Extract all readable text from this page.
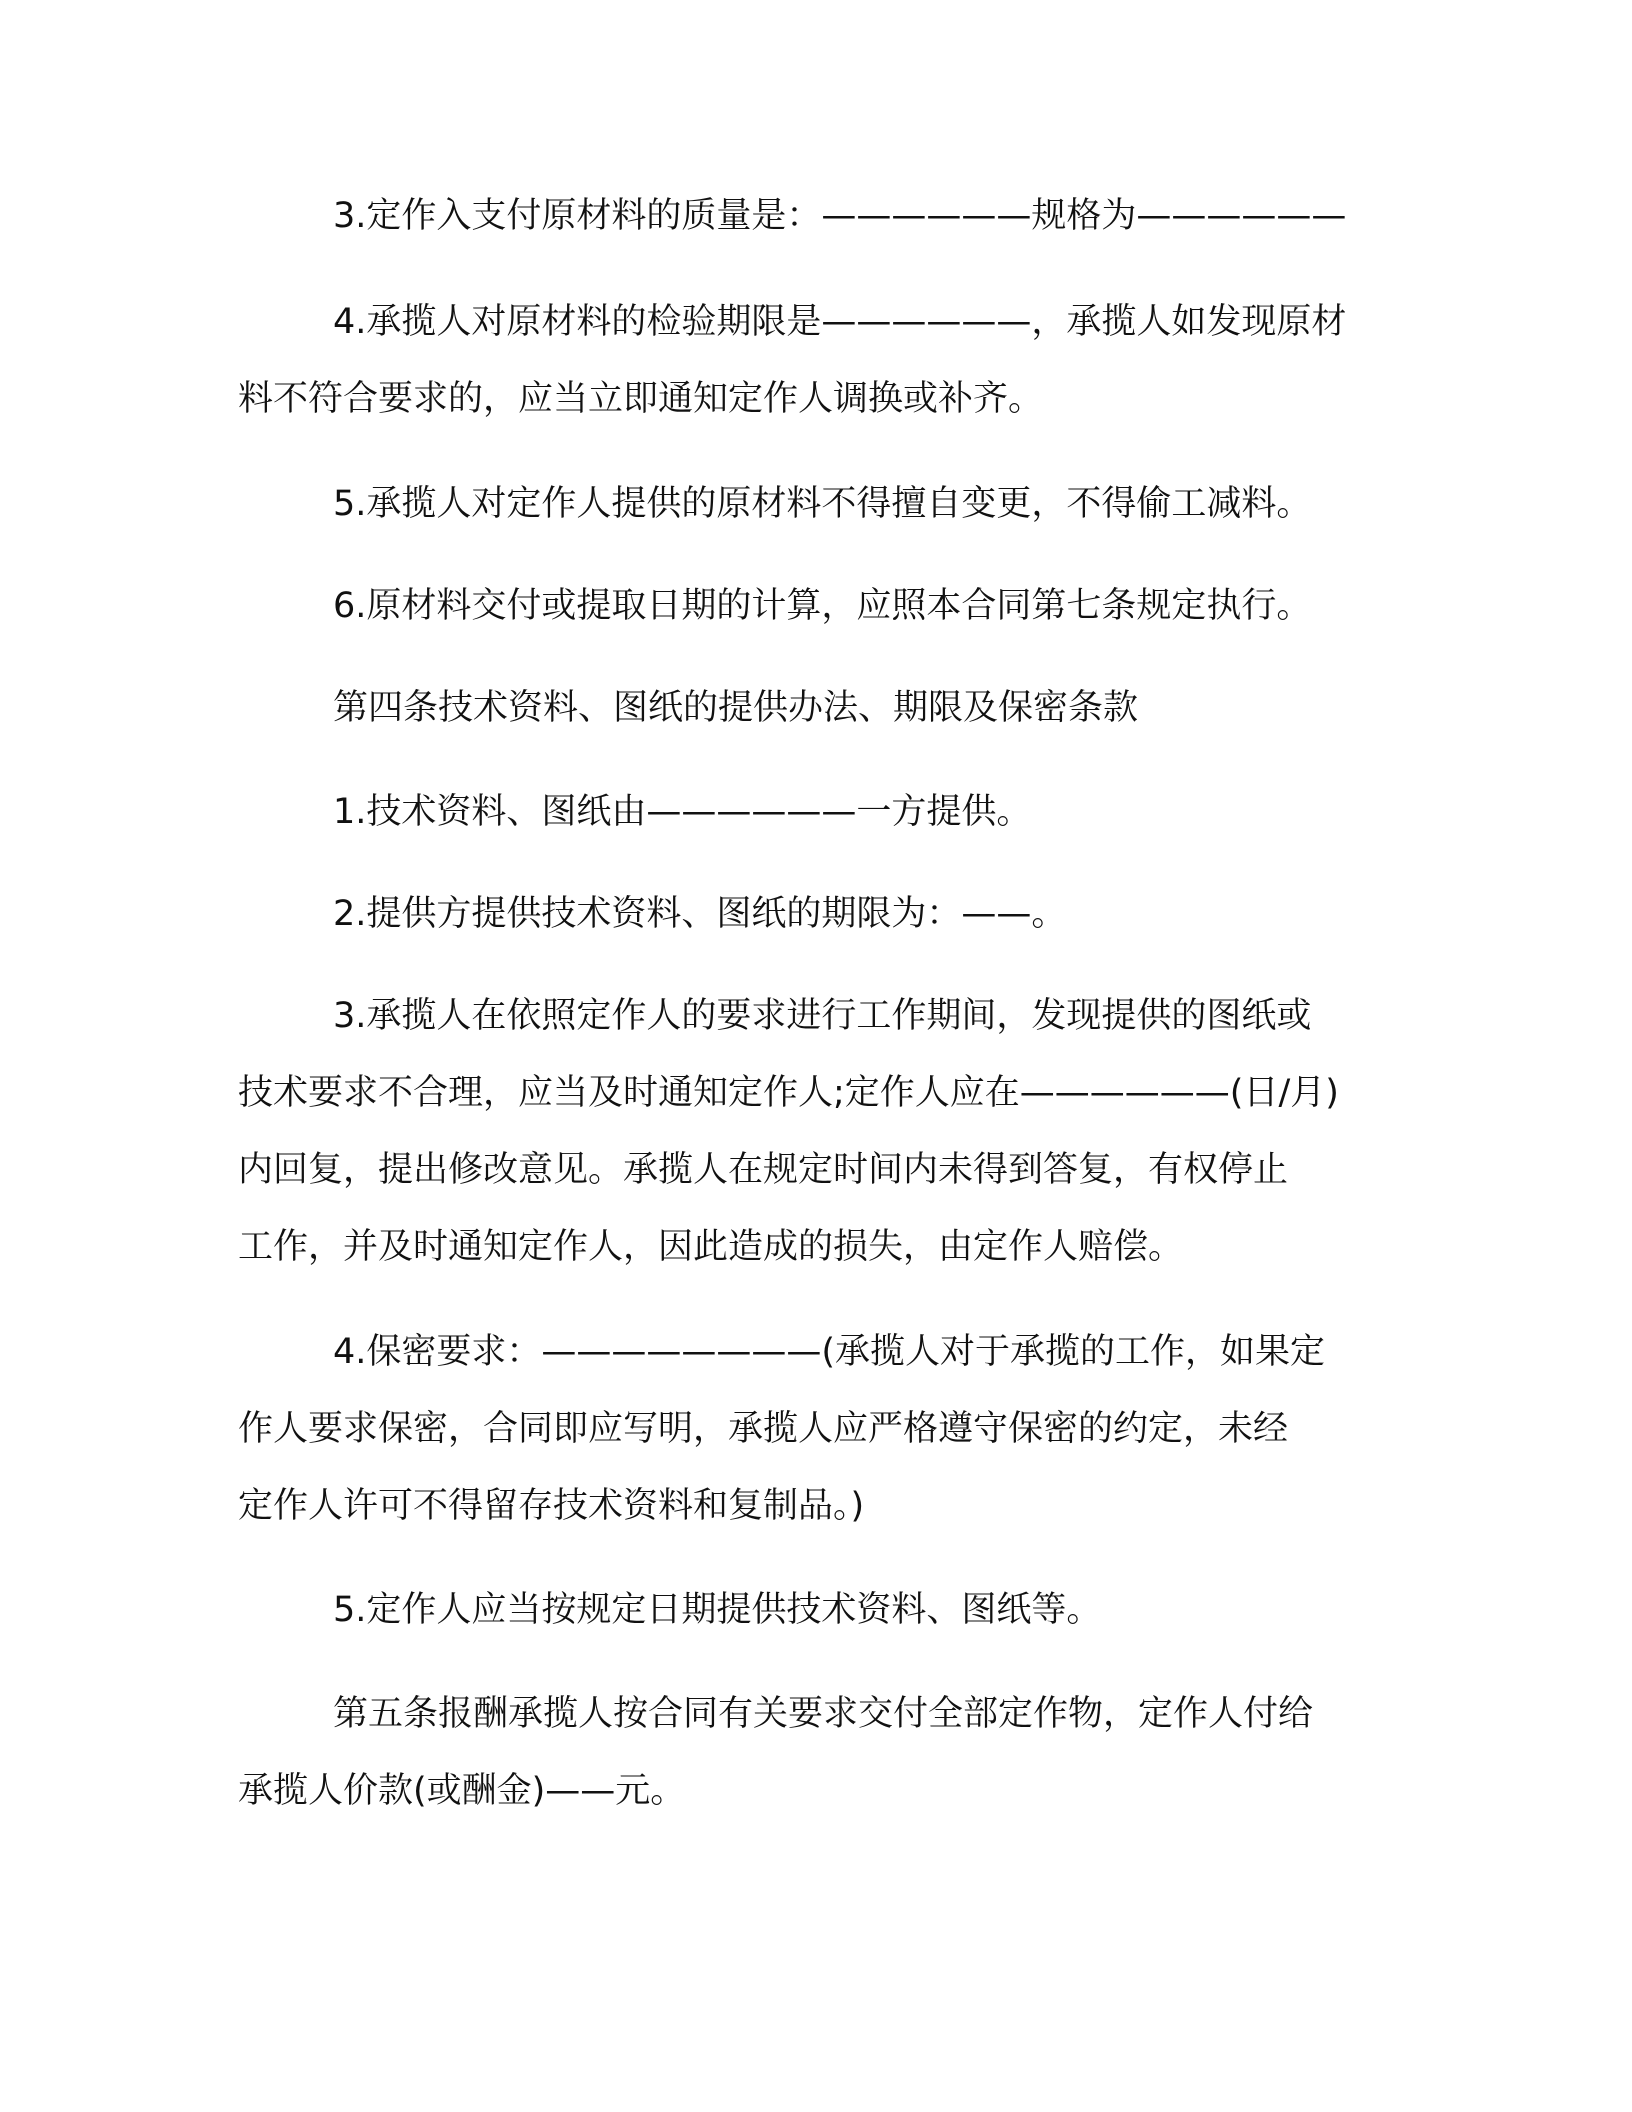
3.定作入支付原材料的质量是：——————规格为——————
4.承揽人对原材料的检验期限是——————，承揽人如发现原材
料不符合要求的，应当立即通知定作人调换或补齐。
5.承揽人对定作人提供的原材料不得擅自变更，不得偷工减料。
6.原材料交付或提取日期的计算，应照本合同第七条规定执行。
第四条技术资料、图纸的提供办法、期限及保密条款
1.技术资料、图纸由——————一方提供。
2.提供方提供技术资料、图纸的期限为：——。
3.承揽人在依照定作人的要求进行工作期间，发现提供的图纸或
技术要求不合理，应当及时通知定作人;定作人应在——————(日/月)
内回复，提出修改意见。承揽人在规定时间内未得到答复，有权停止
工作，并及时通知定作人，因此造成的损失，由定作人赔偿。
4.保密要求：————————(承揽人对于承揽的工作，如果定
作人要求保密，合同即应写明，承揽人应严格遵守保密的约定，未经
定作人许可不得留存技术资料和复制品。)
5.定作人应当按规定日期提供技术资料、图纸等。
第五条报酬承揽人按合同有关要求交付全部定作物，定作人付给
承揽人价款(或酬金)——元。
